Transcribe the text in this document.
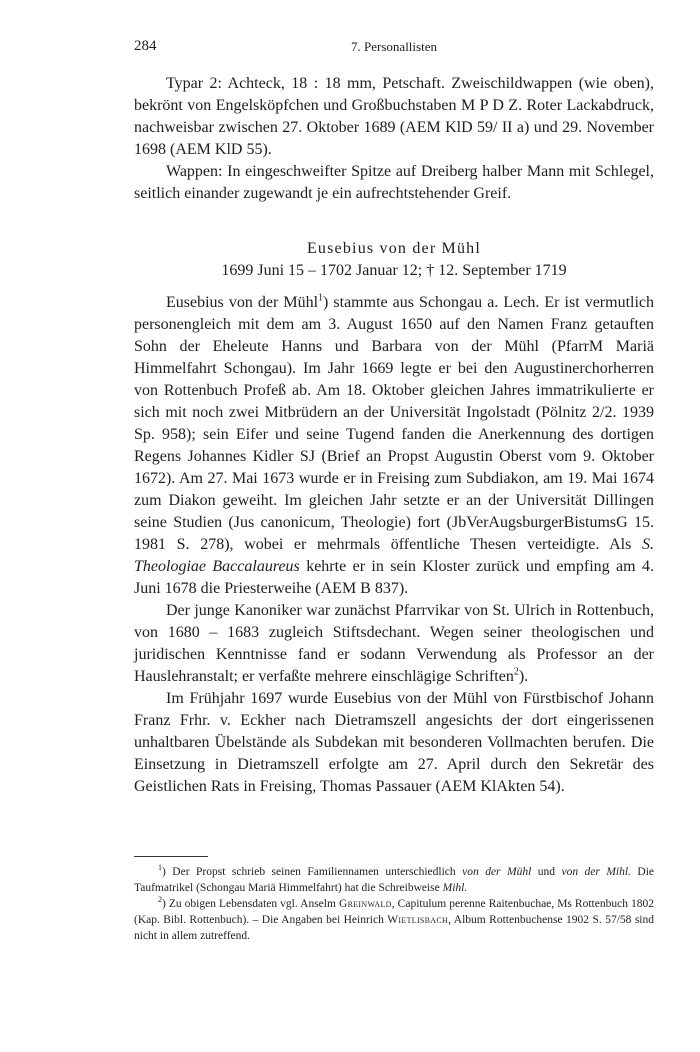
284	7. Personallisten

Typar 2: Achteck, 18 : 18 mm, Petschaft. Zweischildwappen (wie oben), bekrönt von Engelsköpfchen und Großbuchstaben M P D Z. Roter Lackabdruck, nachweisbar zwischen 27. Oktober 1689 (AEM KlD 59/ II a) und 29. November 1698 (AEM KlD 55).

Wappen: In eingeschweifter Spitze auf Dreiberg halber Mann mit Schlegel, seitlich einander zugewandt je ein aufrechtstehender Greif.

Eusebius von der Mühl
1699 Juni 15 – 1702 Januar 12; † 12. September 1719

Eusebius von der Mühl$^1$) stammte aus Schongau a. Lech. Er ist vermutlich personengleich mit dem am 3. August 1650 auf den Namen Franz getauften Sohn der Eheleute Hanns und Barbara von der Mühl (PfarrM Mariä Himmelfahrt Schongau). Im Jahr 1669 legte er bei den Augustinerchorherren von Rottenbuch Profeß ab. Am 18. Oktober gleichen Jahres immatrikulierte er sich mit noch zwei Mitbrüdern an der Universität Ingolstadt (Pölnitz 2/2. 1939 Sp. 958); sein Eifer und seine Tugend fanden die Anerkennung des dortigen Regens Johannes Kidler SJ (Brief an Propst Augustin Oberst vom 9. Oktober 1672). Am 27. Mai 1673 wurde er in Freising zum Subdiakon, am 19. Mai 1674 zum Diakon geweiht. Im gleichen Jahr setzte er an der Universität Dillingen seine Studien (Jus canonicum, Theologie) fort (JbVerAugsburgerBistumsG 15. 1981 S. 278), wobei er mehrmals öffentliche Thesen verteidigte. Als S. Theologiae Baccalaureus kehrte er in sein Kloster zurück und empfing am 4. Juni 1678 die Priesterweihe (AEM B 837).

Der junge Kanoniker war zunächst Pfarrvikar von St. Ulrich in Rottenbuch, von 1680 – 1683 zugleich Stiftsdechant. Wegen seiner theologischen und juridischen Kenntnisse fand er sodann Verwendung als Professor an der Hauslehranstalt; er verfaßte mehrere einschlägige Schriften$^2$).

Im Frühjahr 1697 wurde Eusebius von der Mühl von Fürstbischof Johann Franz Frhr. v. Eckher nach Dietramszell angesichts der dort eingerissenen unhaltbaren Übelstände als Subdekan mit besonderen Vollmachten berufen. Die Einsetzung in Dietramszell erfolgte am 27. April durch den Sekretär des Geistlichen Rats in Freising, Thomas Passauer (AEM KlAkten 54).

$^1$) Der Propst schrieb seinen Familiennamen unterschiedlich von der Mühl und von der Mihl. Die Taufmatrikel (Schongau Mariä Himmelfahrt) hat die Schreibweise Mihl.

$^2$) Zu obigen Lebensdaten vgl. Anselm Greinwald, Capitulum perenne Raitenbuchae, Ms Rottenbuch 1802 (Kap. Bibl. Rottenbuch). – Die Angaben bei Heinrich Wietlisbach, Album Rottenbuchense 1902 S. 57/58 sind nicht in allem zutreffend.
